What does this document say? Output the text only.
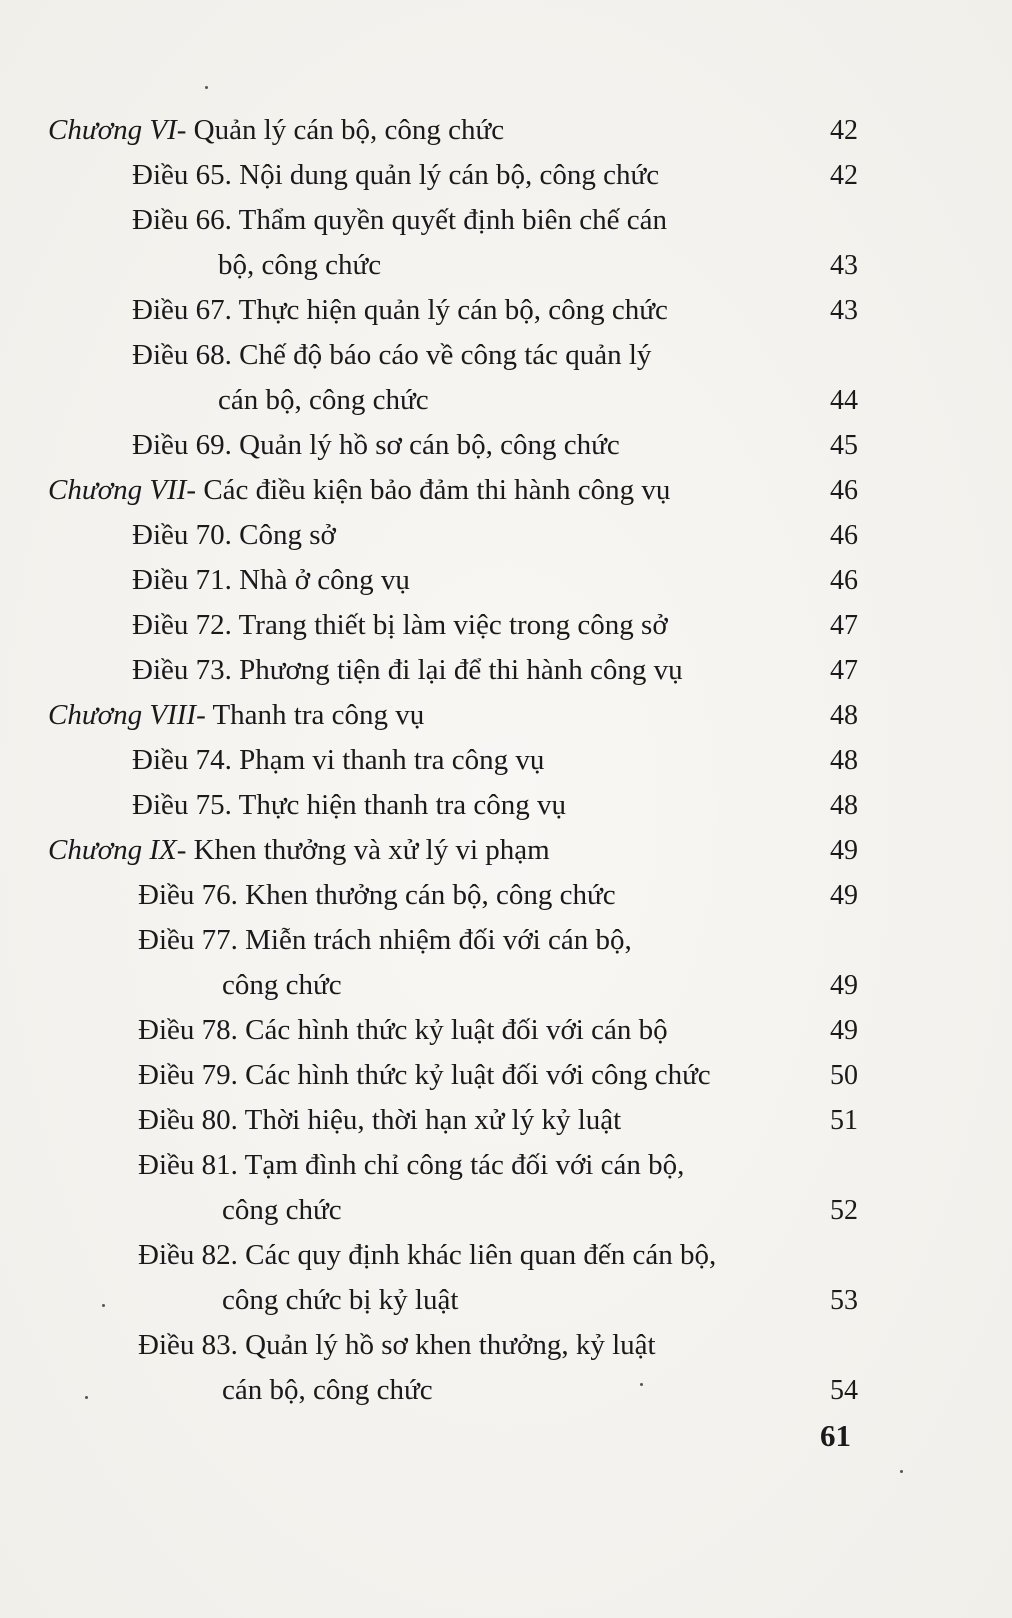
Chương VI- Quản lý cán bộ, công chức	42
Điều 65. Nội dung quản lý cán bộ, công chức	42
Điều 66. Thẩm quyền quyết định biên chế cán
bộ, công chức	43
Điều 67. Thực hiện quản lý cán bộ, công chức	43
Điều 68. Chế độ báo cáo về công tác quản lý
cán bộ, công chức	44
Điều 69. Quản lý hồ sơ cán bộ, công chức	45
Chương VII- Các điều kiện bảo đảm thi hành công vụ	46
Điều 70. Công sở	46
Điều 71. Nhà ở công vụ	46
Điều 72. Trang thiết bị làm việc trong công sở	47
Điều 73. Phương tiện đi lại để thi hành công vụ	47
Chương VIII- Thanh tra công vụ	48
Điều 74. Phạm vi thanh tra công vụ	48
Điều 75. Thực hiện thanh tra công vụ	48
Chương IX- Khen thưởng và xử lý vi phạm	49
Điều 76. Khen thưởng cán bộ, công chức	49
Điều 77. Miễn trách nhiệm đối với cán bộ,
công chức	49
Điều 78. Các hình thức kỷ luật đối với cán bộ	49
Điều 79. Các hình thức kỷ luật đối với công chức	50
Điều 80. Thời hiệu, thời hạn xử lý kỷ luật	51
Điều 81. Tạm đình chỉ công tác đối với cán bộ,
công chức	52
Điều 82. Các quy định khác liên quan đến cán bộ,
công chức bị kỷ luật	53
Điều 83. Quản lý hồ sơ khen thưởng, kỷ luật
cán bộ, công chức	54
61
